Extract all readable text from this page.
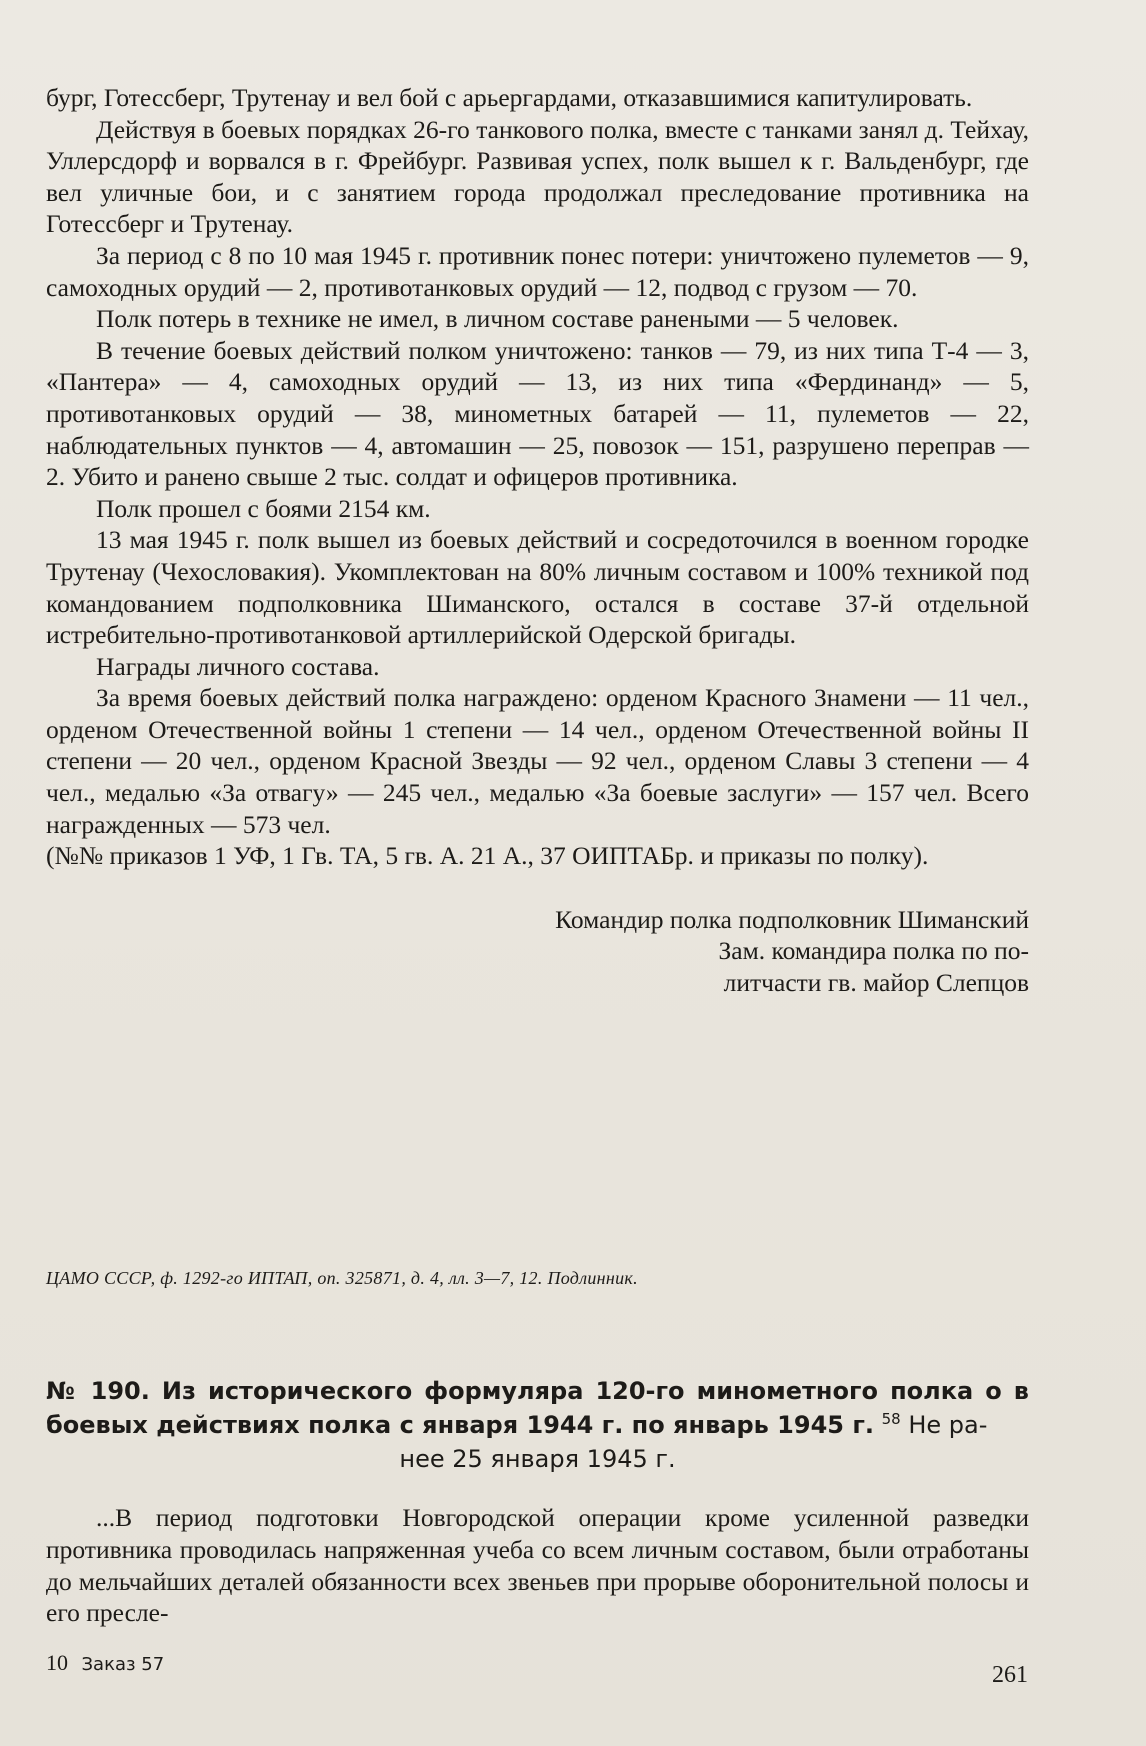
бург, Готессберг, Трутенау и вел бой с арьергардами, отказавшимися капитулировать.

Действуя в боевых порядках 26-го танкового полка, вместе с танками занял д. Тейхау, Уллерсдорф и ворвался в г. Фрейбург. Развивая успех, полк вышел к г. Вальденбург, где вел уличные бои, и с занятием города продолжал преследование противника на Готессберг и Трутенау.

За период с 8 по 10 мая 1945 г. противник понес потери: уничтожено пулеметов — 9, самоходных орудий — 2, противотанковых орудий — 12, подвод с грузом — 70.

Полк потерь в технике не имел, в личном составе ранеными — 5 человек.

В течение боевых действий полком уничтожено: танков — 79, из них типа Т-4 — 3, «Пантера» — 4, самоходных орудий — 13, из них типа «Фердинанд» — 5, противотанковых орудий — 38, минометных батарей — 11, пулеметов — 22, наблюдательных пунктов — 4, автомашин — 25, повозок — 151, разрушено переправ — 2. Убито и ранено свыше 2 тыс. солдат и офицеров противника.

Полк прошел с боями 2154 км.

13 мая 1945 г. полк вышел из боевых действий и сосредоточился в военном городке Трутенау (Чехословакия). Укомплектован на 80% личным составом и 100% техникой под командованием подполковника Шиманского, остался в составе 37-й отдельной истребительно-противотанковой артиллерийской Одерской бригады.

Награды личного состава.

За время боевых действий полка награждено: орденом Красного Знамени — 11 чел., орденом Отечественной войны 1 степени — 14 чел., орденом Отечественной войны II степени — 20 чел., орденом Красной Звезды — 92 чел., орденом Славы 3 степени — 4 чел., медалью «За отвагу» — 245 чел., медалью «За боевые заслуги» — 157 чел. Всего награжденных — 573 чел.

(№№ приказов 1 УФ, 1 Гв. ТА, 5 гв. А. 21 А., 37 ОИПТАБр. и приказы по полку).

Командир полка подполковник Шиманский

Зам. командира полка по по-

литчасти гв. майор Слепцов

ЦАМО СССР, ф. 1292-го ИПТАП, оп. 325871, д. 4, лл. 3—7, 12. Подлинник.
№ 190. Из исторического формуляра 120-го минометного полка о в боевых действиях полка с января 1944 г. по январь 1945 г. $^{58}$ Не ра-
нее 25 января 1945 г.

...В период подготовки Новгородской операции кроме усиленной разведки противника проводилась напряженная учеба со всем личным составом, были отработаны до мельчайших деталей обязанности всех звеньев при прорыве оборонительной полосы и его пресле-

10 Заказ 57	261
